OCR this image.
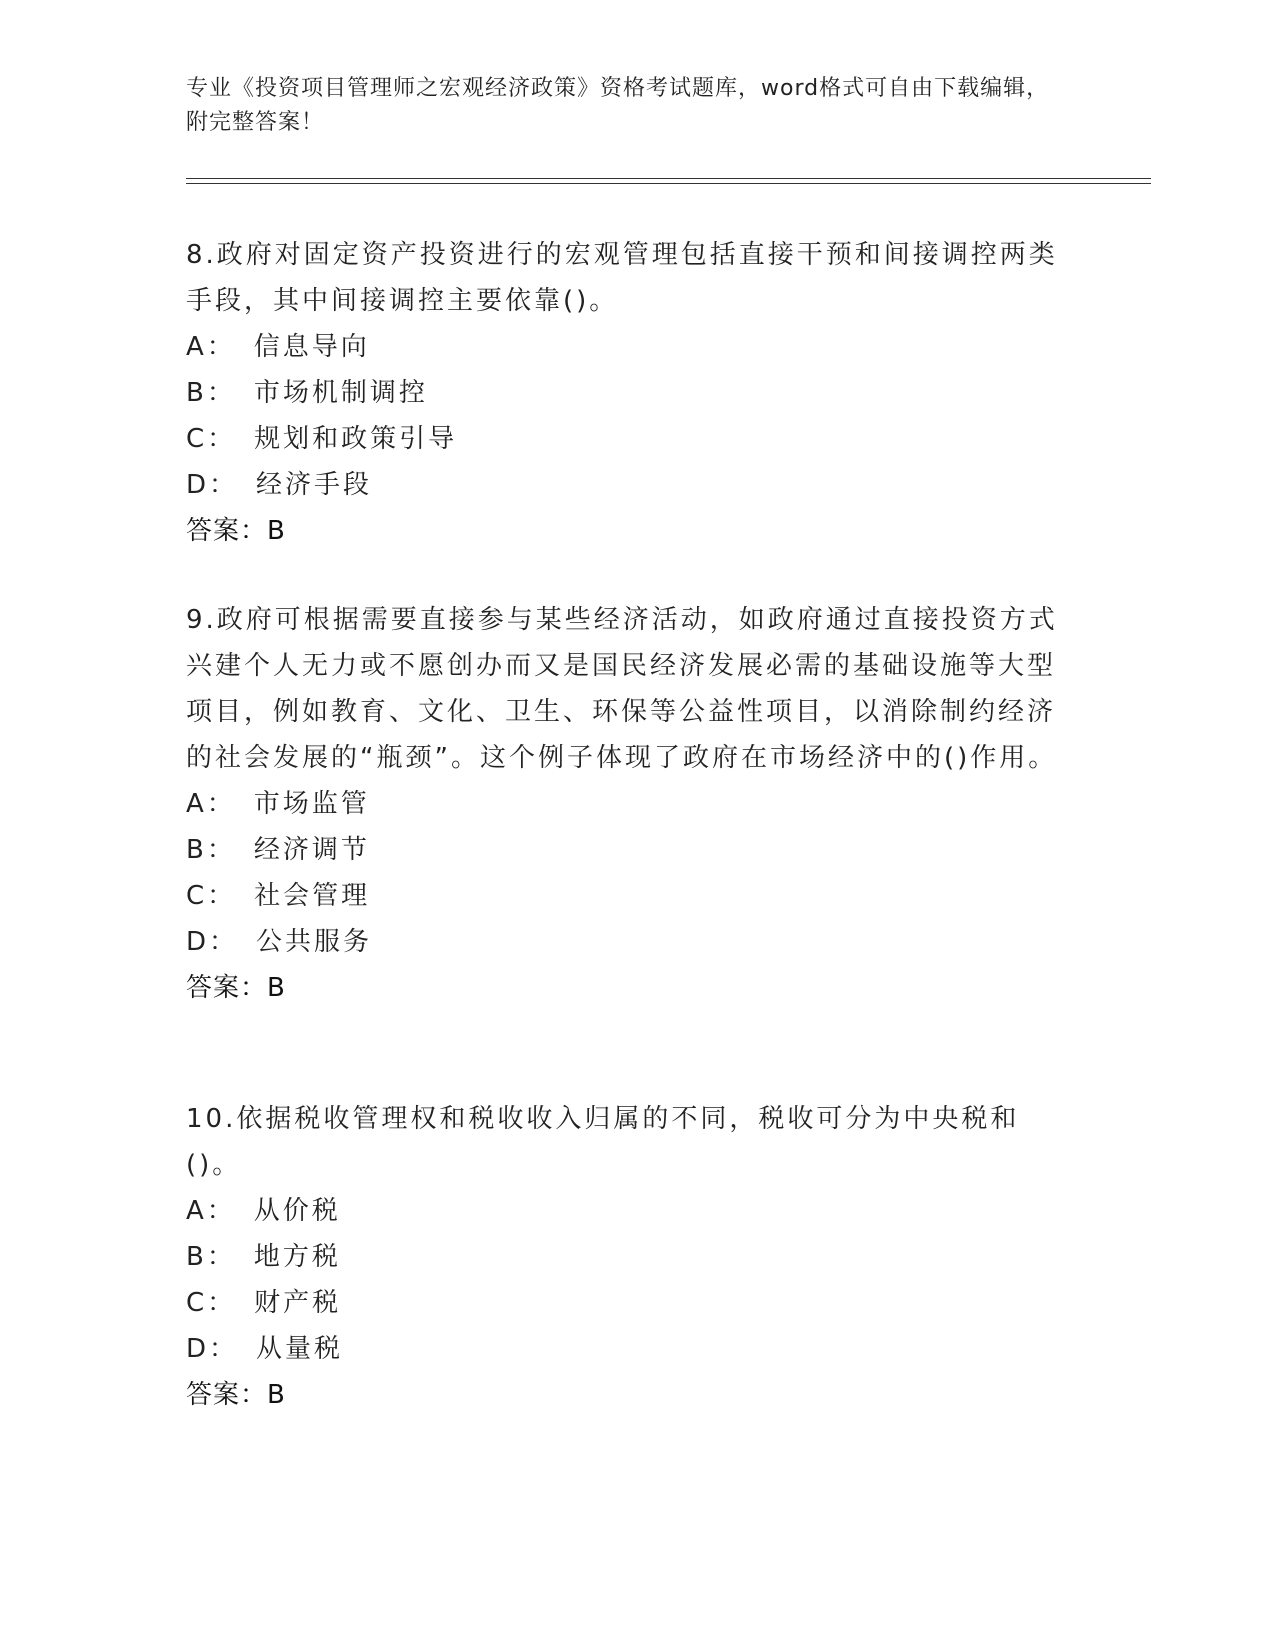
专业《投资项目管理师之宏观经济政策》资格考试题库，word格式可自由下载编辑，附完整答案！
8.政府对固定资产投资进行的宏观管理包括直接干预和间接调控两类手段，其中间接调控主要依靠()。
A： 信息导向
B： 市场机制调控
C： 规划和政策引导
D： 经济手段
答案：B
9.政府可根据需要直接参与某些经济活动，如政府通过直接投资方式兴建个人无力或不愿创办而又是国民经济发展必需的基础设施等大型项目，例如教育、文化、卫生、环保等公益性项目，以消除制约经济的社会发展的“瓶颈”。这个例子体现了政府在市场经济中的()作用。
A： 市场监管
B： 经济调节
C： 社会管理
D： 公共服务
答案：B
10.依据税收管理权和税收收入归属的不同，税收可分为中央税和()。
A： 从价税
B： 地方税
C： 财产税
D： 从量税
答案：B
